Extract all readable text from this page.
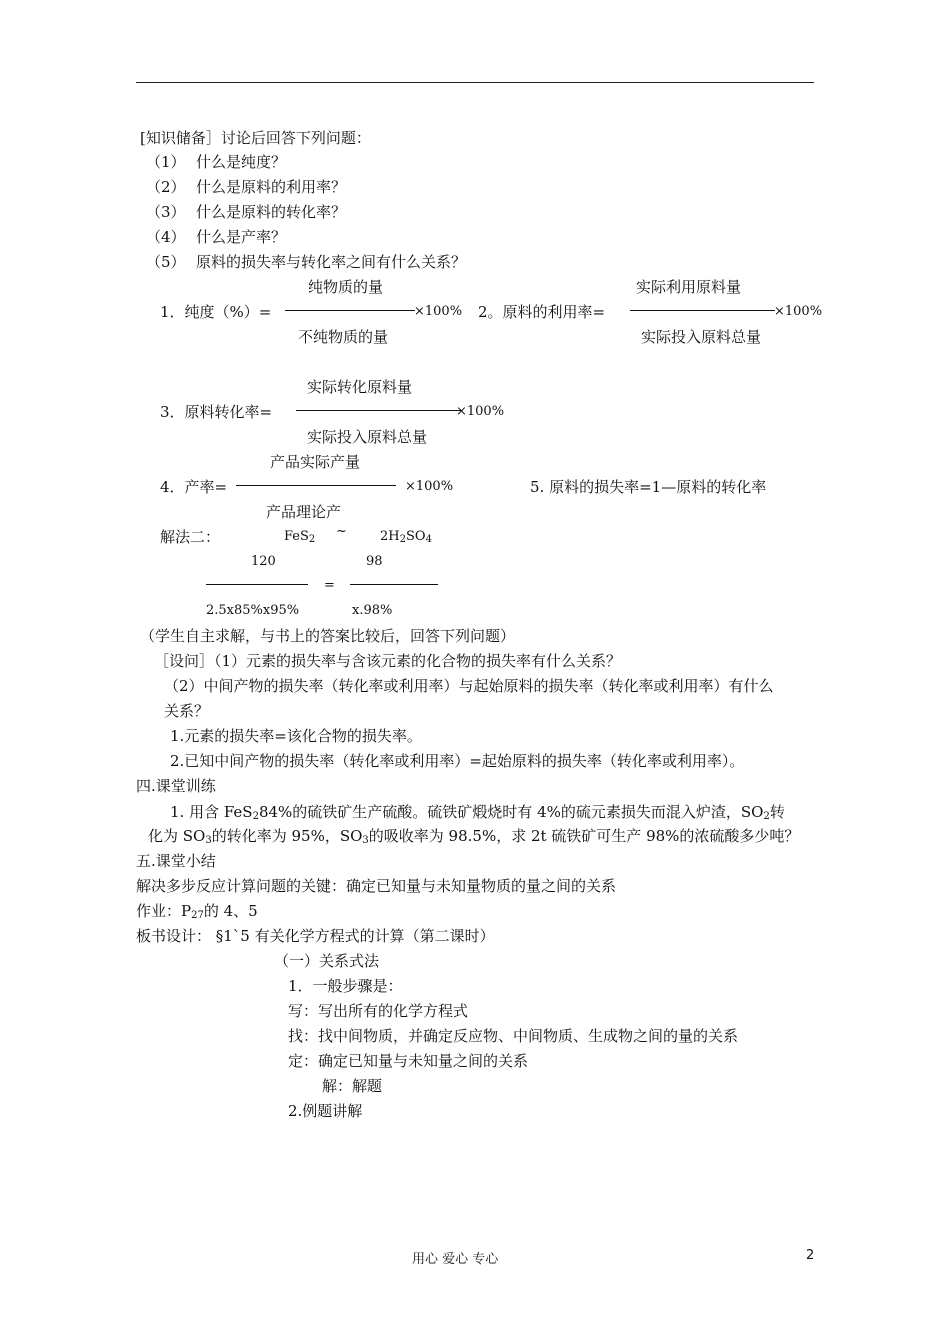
[知识储备］讨论后回答下列问题：
（1） 什么是纯度？
（2） 什么是原料的利用率？
（3） 什么是原料的转化率？
（4） 什么是产率？
（5） 原料的损失率与转化率之间有什么关系？
纯物质的量
1．纯度（%）=	×100%
不纯物质的量
实际利用原料量
2。原料的利用率=	×100%
实际投入原料总量
实际转化原料量
3．原料转化率=	×100%
实际投入原料总量
产品实际产量
4．产率=	×100%	5. 原料的损失率=1—原料的转化率
产品理论产
解法二：	FeS$_2$
~	$2H_2SO_4$
120	98
=
2.5x85%x95%	x.98%
（学生自主求解，与书上的答案比较后，回答下列问题）
［设问］（1）元素的损失率与含该元素的化合物的损失率有什么关系？
（2）中间产物的损失率（转化率或利用率）与起始原料的损失率（转化率或利用率）有什么
关系？
1.元素的损失率=该化合物的损失率。
2.已知中间产物的损失率（转化率或利用率）=起始原料的损失率（转化率或利用率）。
四.课堂训练
1. 用含 FeS$_2$84%的硫铁矿生产硫酸。硫铁矿煅烧时有 4%的硫元素损失而混入炉渣，$SO_2$转
化为 $SO_3$的转化率为 95%，$SO_3$的吸收率为 98.5%，求 2t 硫铁矿可生产 98%的浓硫酸多少吨？
五.课堂小结
解决多步反应计算问题的关键：确定已知量与未知量物质的量之间的关系
作业：$P_{27}$的 4、5
板书设计： §1`5 有关化学方程式的计算（第二课时）
（一）关系式法
1．一般步骤是：
写：写出所有的化学方程式
找：找中间物质，并确定反应物、中间物质、生成物之间的量的关系
定：确定已知量与未知量之间的关系
解：解题
2.例题讲解
用心 爱心 专心	2
